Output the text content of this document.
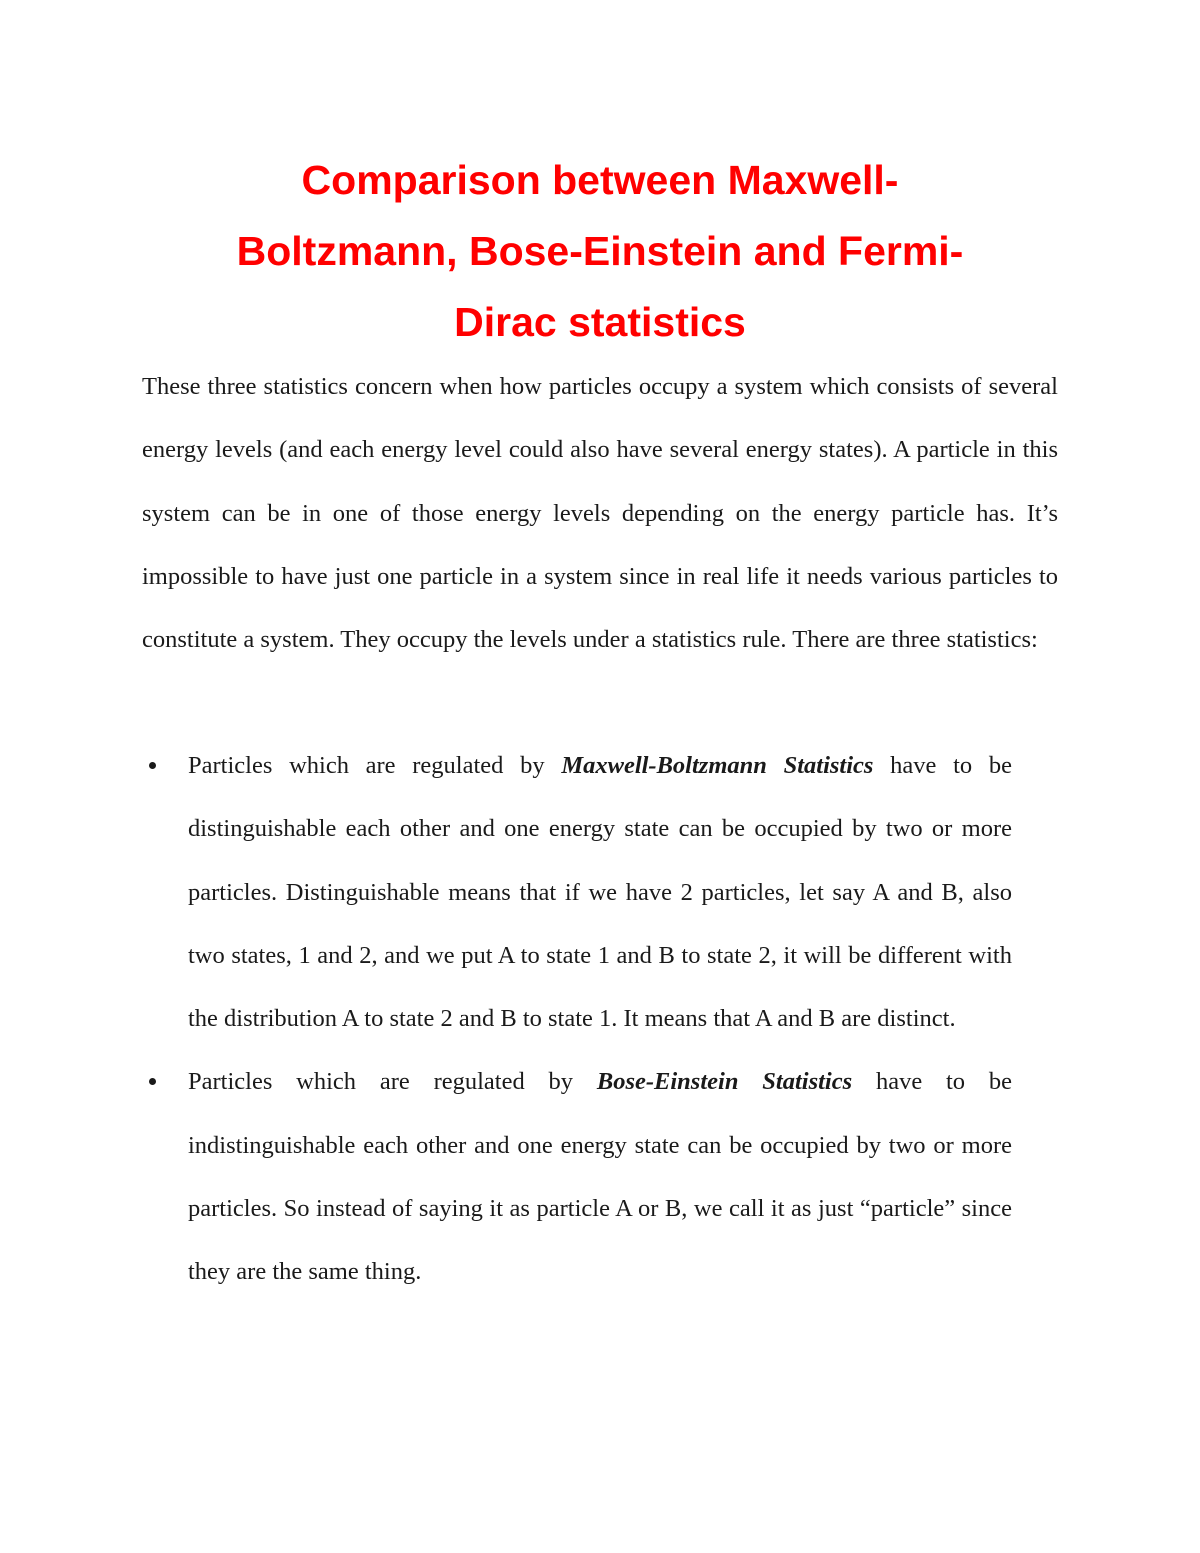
Comparison between Maxwell-
Boltzmann, Bose-Einstein and Fermi-
Dirac statistics

These three statistics concern when how particles occupy a system which consists of several energy levels (and each energy level could also have several energy states). A particle in this system can be in one of those energy levels depending on the energy particle has. It’s impossible to have just one particle in a system since in real life it needs various particles to constitute a system. They occupy the levels under a statistics rule. There are three statistics:

Particles which are regulated by Maxwell-Boltzmann Statistics have to be distinguishable each other and one energy state can be occupied by two or more particles. Distinguishable means that if we have 2 particles, let say A and B, also two states, 1 and 2, and we put A to state 1 and B to state 2, it will be different with the distribution A to state 2 and B to state 1. It means that A and B are distinct.
Particles which are regulated by Bose-Einstein Statistics have to be indistinguishable each other and one energy state can be occupied by two or more particles. So instead of saying it as particle A or B, we call it as just “particle” since they are the same thing.
